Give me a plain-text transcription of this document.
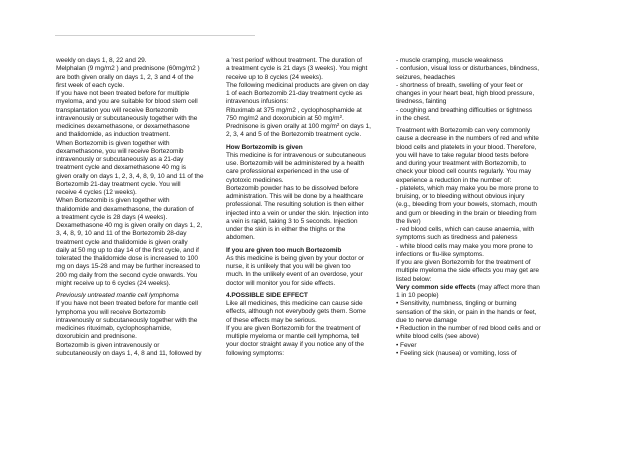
weekly on days 1, 8, 22 and 29.
Melphalan (9 mg/m2 ) and prednisone (60mg/m2 )
are both given orally on days 1, 2, 3 and 4 of the
first week of each cycle.
If you have not been treated before for multiple
myeloma, and you are suitable for blood stem cell
transplantation you will receive Bortezomib
intravenously or subcutaneously together with the
medicines dexamethasone, or dexamethasone
and thalidomide, as induction treatment.
When Bortezomib is given together with
dexamethasone, you will receive Bortezomib
intravenously or subcutaneously as a 21-day
treatment cycle and dexamethasone 40 mg is
given orally on days 1, 2, 3, 4, 8, 9, 10 and 11 of the
Bortezomib 21-day treatment cycle. You will
receive 4 cycles (12 weeks).
When Bortezomib is given together with
thalidomide and dexamethasone, the duration of
a treatment cycle is 28 days (4 weeks).
Dexamethasone 40 mg is given orally on days 1, 2,
3, 4, 8, 9, 10 and 11 of the Bortezomib 28-day
treatment cycle and thalidomide is given orally
daily at 50 mg up to day 14 of the first cycle, and if
tolerated the thalidomide dose is increased to 100
mg on days 15-28 and may be further increased to
200 mg daily from the second cycle onwards. You
might receive up to 6 cycles (24 weeks).
Previously untreated mantle cell lymphoma
If you have not been treated before for mantle cell
lymphoma you will receive Bortezomib
intravenously or subcutaneously together with the
medicines rituximab, cyclophosphamide,
doxorubicin and prednisone.
Bortezomib is given intravenously or
subcutaneously on days 1, 4, 8 and 11, followed by
a 'rest period' without treatment. The duration of
a treatment cycle is 21 days (3 weeks). You might
receive up to 8 cycles (24 weeks).
The following medicinal products are given on day
1 of each Bortezomib 21-day treatment cycle as
intravenous infusions:
Rituximab at 375 mg/m2 , cyclophosphamide at
750 mg/m2 and doxorubicin at 50 $mg/m^2$.
Prednisone is given orally at 100 $mg/m^2$ on days 1,
2, 3, 4 and 5 of the Bortezomib treatment cycle.
How Bortezomib is given
This medicine is for intravenous or subcutaneous
use. Bortezomib will be administered by a health
care professional experienced in the use of
cytotoxic medicines.
Bortezomib powder has to be dissolved before
administration. This will be done by a healthcare
professional. The resulting solution is then either
injected into a vein or under the skin. Injection into
a vein is rapid, taking 3 to 5 seconds. Injection
under the skin is in either the thighs or the
abdomen.
If you are given too much Bortezomib
As this medicine is being given by your doctor or
nurse, it is unlikely that you will be given too
much. In the unlikely event of an overdose, your
doctor will monitor you for side effects.
4.POSSIBLE SIDE EFFECT
Like all medicines, this medicine can cause side
effects, although not everybody gets them. Some
of these effects may be serious.
If you are given Bortezomib for the treatment of
multiple myeloma or mantle cell lymphoma, tell
your doctor straight away if you notice any of the
following symptoms:
- muscle cramping, muscle weakness
- confusion, visual loss or disturbances, blindness,
seizures, headaches
- shortness of breath, swelling of your feet or
changes in your heart beat, high blood pressure,
tiredness, fainting
- coughing and breathing difficulties or tightness
in the chest.
Treatment with Bortezomib can very commonly
cause a decrease in the numbers of red and white
blood cells and platelets in your blood. Therefore,
you will have to take regular blood tests before
and during your treatment with Bortezomib, to
check your blood cell counts regularly. You may
experience a reduction in the number of:
- platelets, which may make you be more prone to
bruising, or to bleeding without obvious injury
(e.g., bleeding from your bowels, stomach, mouth
and gum or bleeding in the brain or bleeding from
the liver)
- red blood cells, which can cause anaemia, with
symptoms such as tiredness and paleness
- white blood cells may make you more prone to
infections or flu-like symptoms.
If you are given Bortezomib for the treatment of
multiple myeloma the side effects you may get are
listed below:
Very common side effects (may affect more than
1 in 10 people)
• Sensitivity, numbness, tingling or burning
sensation of the skin, or pain in the hands or feet,
due to nerve damage
• Reduction in the number of red blood cells and or
white blood cells (see above)
• Fever
• Feeling sick (nausea) or vomiting, loss of
